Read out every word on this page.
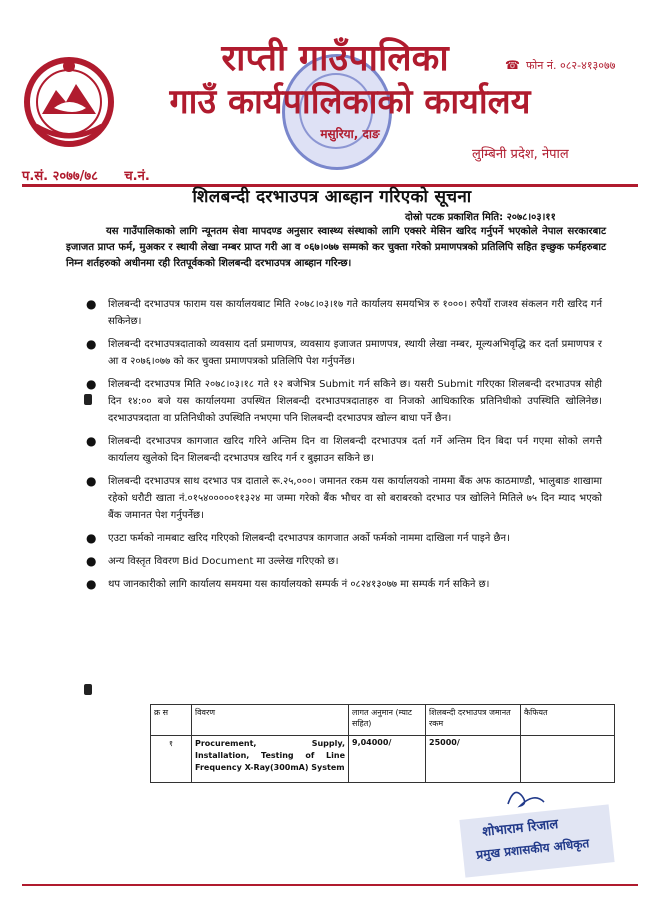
राप्ती गाउँपालिका
गाउँ कार्यपालिकाको कार्यालय
मसुरिया, दाङ
☎ फोन नं. ०८२-४१३०७७
लुम्बिनी प्रदेश, नेपाल
प.सं. २०७७/७८ च.नं.
शिलबन्दी दरभाउपत्र आब्हान गरिएको सूचना
दोस्रो पटक प्रकाशित मिति: २०७८।०३।११
यस गाउँपालिकाको लागि न्यूनतम सेवा मापदण्ड अनुसार स्वास्थ्य संस्थाको लागि एक्सरे मेसिन खरिद गर्नुपर्ने भएकोले नेपाल सरकारबाट इजाजत प्राप्त फर्म, मुअकर र स्थायी लेखा नम्बर प्राप्त गरी आ व ०६७।०७७ सम्मको कर चुक्ता गरेको प्रमाणपत्रको प्रतिलिपि सहित इच्छुक फर्महरुबाट निम्न शर्तहरुको अधीनमा रही रितपूर्वकको शिलबन्दी दरभाउपत्र आब्हान गरिन्छ।
● शिलबन्दी दरभाउपत्र फाराम यस कार्यालयबाट मिति २०७८।०३।१७ गते कार्यालय समयभित्र रु १०००। रुपैयाँ राजश्व संकलन गरी खरिद गर्न सकिनेछ।
● शिलबन्दी दरभाउपत्रदाताको व्यवसाय दर्ता प्रमाणपत्र, व्यवसाय इजाजत प्रमाणपत्र, स्थायी लेखा नम्बर, मूल्यअभिवृद्धि कर दर्ता प्रमाणपत्र र आ व २०७६।०७७ को कर चुक्ता प्रमाणपत्रको प्रतिलिपि पेश गर्नुपर्नेछ।
● शिलबन्दी दरभाउपत्र मिति २०७८।०३।१८ गते १२ बजेभित्र Submit गर्न सकिने छ। यसरी Submit गरिएका शिलबन्दी दरभाउपत्र सोही दिन १४:०० बजे यस कार्यालयमा उपस्थित शिलबन्दी दरभाउपत्रदाताहरु वा निजको आधिकारिक प्रतिनिधीको उपस्थिति खोलिनेछ। दरभाउपत्रदाता वा प्रतिनिधीको उपस्थिति नभएमा पनि शिलबन्दी दरभाउपत्र खोल्न बाधा पर्ने छैन।
● शिलबन्दी दरभाउपत्र कागजात खरिद गरिने अन्तिम दिन वा शिलबन्दी दरभाउपत्र दर्ता गर्ने अन्तिम दिन बिदा पर्न गएमा सोको लगत्तै कार्यालय खुलेको दिन शिलबन्दी दरभाउपत्र खरिद गर्न र बुझाउन सकिने छ।
● शिलबन्दी दरभाउपत्र साथ दरभाउ पत्र दाताले रू.२५,०००। जमानत रकम यस कार्यालयको नाममा बैंक अफ काठमाण्डौ, भालुबाङ शाखामा रहेको धरौटी खाता नं.०१५४०००००११३२४ मा जम्मा गरेको बैंक भौचर वा सो बराबरको दरभाउ पत्र खोलिने मितिले ७५ दिन म्याद भएको बैंक जमानत पेश गर्नुपर्नेछ।
● एउटा फर्मको नामबाट खरिद गरिएको शिलबन्दी दरभाउपत्र कागजात अर्को फर्मको नाममा दाखिला गर्न पाइने छैन।
● अन्य विस्तृत विवरण Bid Document मा उल्लेख गरिएको छ।
● थप जानकारीको लागि कार्यालय समयमा यस कार्यालयको सम्पर्क नं ०८२४१३०७७ मा सम्पर्क गर्न सकिने छ।
क्र स	विवरण	लागत अनुमान (म्याट सहित)	शिलबन्दी दरभाउपत्र जमानत रकम	कैफियत
१	Procurement, Supply, Installation, Testing of Line Frequency X-Ray(300mA) System	9,04000/	25000/	
शोभाराम रिजाल
प्रमुख प्रशासकीय अधिकृत
